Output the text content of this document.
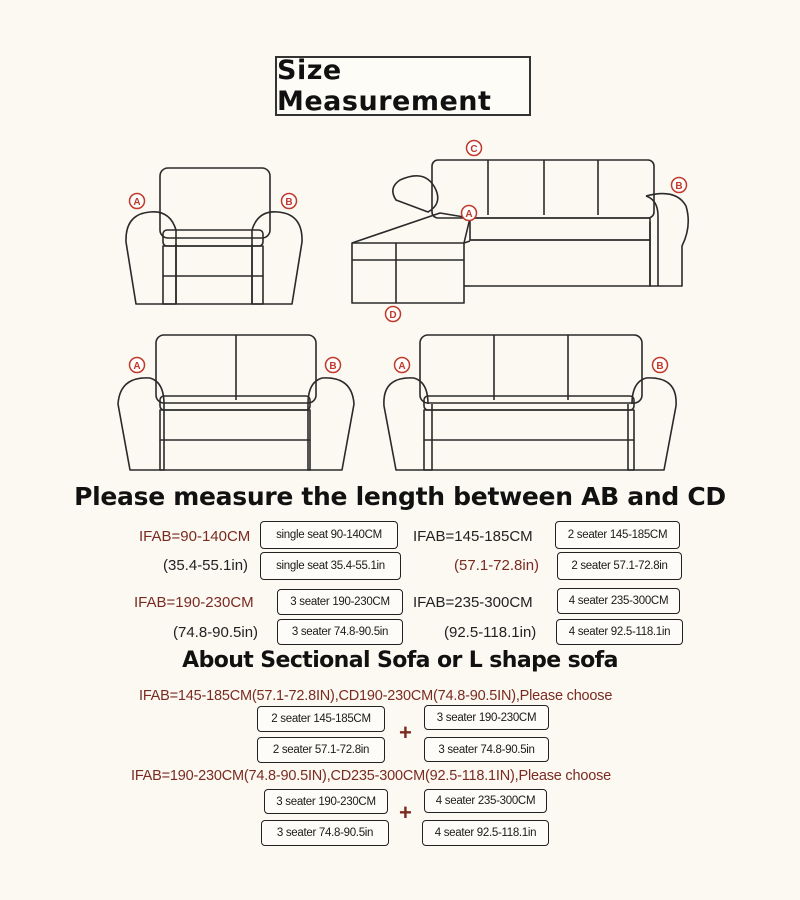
Size Measurement
A	B
C
B
A
D
A	B	A	B
Please measure the length between AB and CD
IFAB=90-140CM	single seat 90-140CM	IFAB=145-185CM	2 seater 145-185CM
(35.4-55.1in)	single seat 35.4-55.1in	(57.1-72.8in)	2 seater 57.1-72.8in
IFAB=190-230CM	3 seater 190-230CM	IFAB=235-300CM	4 seater 235-300CM
(74.8-90.5in)	3 seater 74.8-90.5in	(92.5-118.1in)	4 seater 92.5-118.1in
About Sectional Sofa or L shape sofa
IFAB=145-185CM(57.1-72.8IN),CD190-230CM(74.8-90.5IN),Please choose
2 seater 145-185CM	3 seater 190-230CM
+
2 seater 57.1-72.8in	3 seater 74.8-90.5in
IFAB=190-230CM(74.8-90.5IN),CD235-300CM(92.5-118.1IN),Please choose
3 seater 190-230CM	4 seater 235-300CM
+
3 seater 74.8-90.5in	4 seater 92.5-118.1in
